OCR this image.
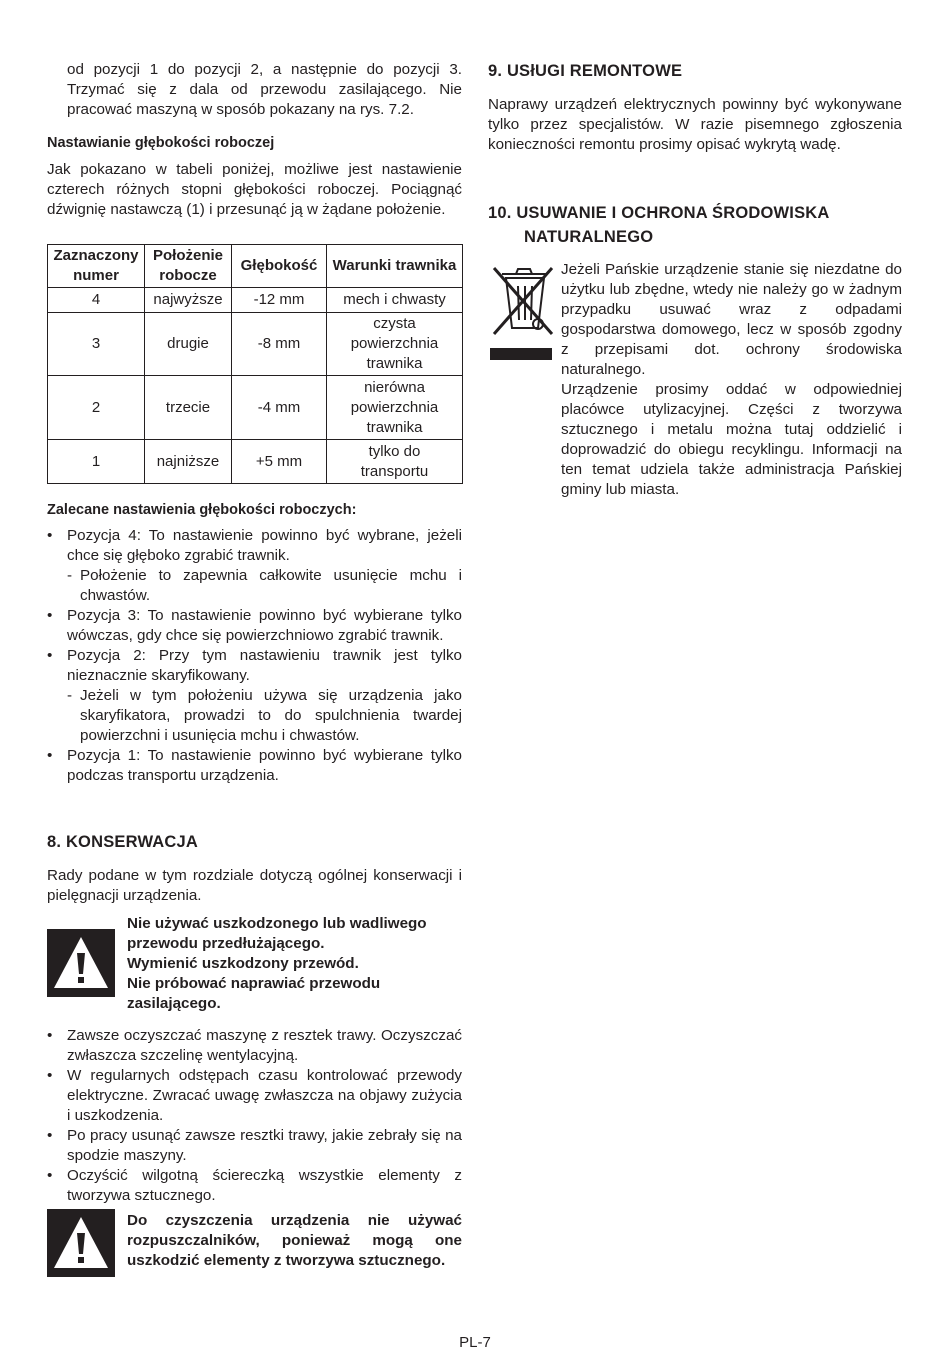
od pozycji 1 do pozycji 2, a następnie do pozycji 3. Trzymać się z dala od przewodu zasilającego. Nie pracować maszyną w sposób pokazany na rys. 7.2.

Nastawianie głębokości roboczej

Jak pokazano w tabeli poniżej, możliwe jest nastawienie czterech różnych stopni głębokości roboczej. Pociągnąć dźwignię nastawczą (1) i przesunąć ją w żądane położenie.

Zaznaczony numer	Położenie robocze	Głębokość	Warunki trawnika
4	najwyższe	-12 mm	mech i chwasty
3	drugie	-8 mm	czysta powierzchnia trawnika
2	trzecie	-4 mm	nierówna powierzchnia trawnika
1	najniższe	+5 mm	tylko do transportu
Zalecane nastawienia głębokości roboczych:
• Pozycja 4: To nastawienie powinno być wybrane, jeżeli chce się głęboko zgrabić trawnik.
- Położenie to zapewnia całkowite usunięcie mchu i chwastów.
• Pozycja 3: To nastawienie powinno być wybierane tylko wówczas, gdy chce się powierzchniowo zgrabić trawnik.
• Pozycja 2: Przy tym nastawieniu trawnik jest tylko nieznacznie skaryfikowany.
- Jeżeli w tym położeniu używa się urządzenia jako skaryfikatora, prowadzi to do spulchnienia twardej powierzchni i usunięcia mchu i chwastów.
• Pozycja 1: To nastawienie powinno być wybierane tylko podczas transportu urządzenia.
8. KONSERWACJA

Rady podane w tym rozdziale dotyczą ogólnej konserwacji i pielęgnacji urządzenia.

Nie używać uszkodzonego lub wadliwego przewodu przedłużającego.
Wymienić uszkodzony przewód.
Nie próbować naprawiać przewodu zasilającego.
• Zawsze oczyszczać maszynę z resztek trawy. Oczyszczać zwłaszcza szczelinę wentylacyjną.
• W regularnych odstępach czasu kontrolować przewody elektryczne. Zwracać uwagę zwłaszcza na objawy zużycia i uszkodzenia.
• Po pracy usunąć zawsze resztki trawy, jakie zebrały się na spodzie maszyny.
• Oczyścić wilgotną ściereczką wszystkie elementy z tworzywa sztucznego.
Do czyszczenia urządzenia nie używać rozpuszczalników, ponieważ mogą one uszkodzić elementy z tworzywa sztucznego.
9. USłUGI REMONTOWE

Naprawy urządzeń elektrycznych powinny być wykonywane tylko przez specjalistów. W razie pisemnego zgłoszenia konieczności remontu prosimy opisać wykrytą wadę.

10. USUWANIE I OCHRONA ŚRODOWISKA
NATURALNEGO

Jeżeli Pańskie urządzenie stanie się niezdatne do użytku lub zbędne, wtedy nie należy go w żadnym przypadku usuwać wraz z odpadami gospodarstwa domowego, lecz w sposób zgodny z przepisami dot. ochrony środowiska naturalnego.

Urządzenie prosimy oddać w odpowiedniej placówce utylizacyjnej. Części z tworzywa sztucznego i metalu można tutaj oddzielić i doprowadzić do obiegu recyklingu. Informacji na ten temat udziela także administracja Pańskiej gminy lub miasta.

PL-7
